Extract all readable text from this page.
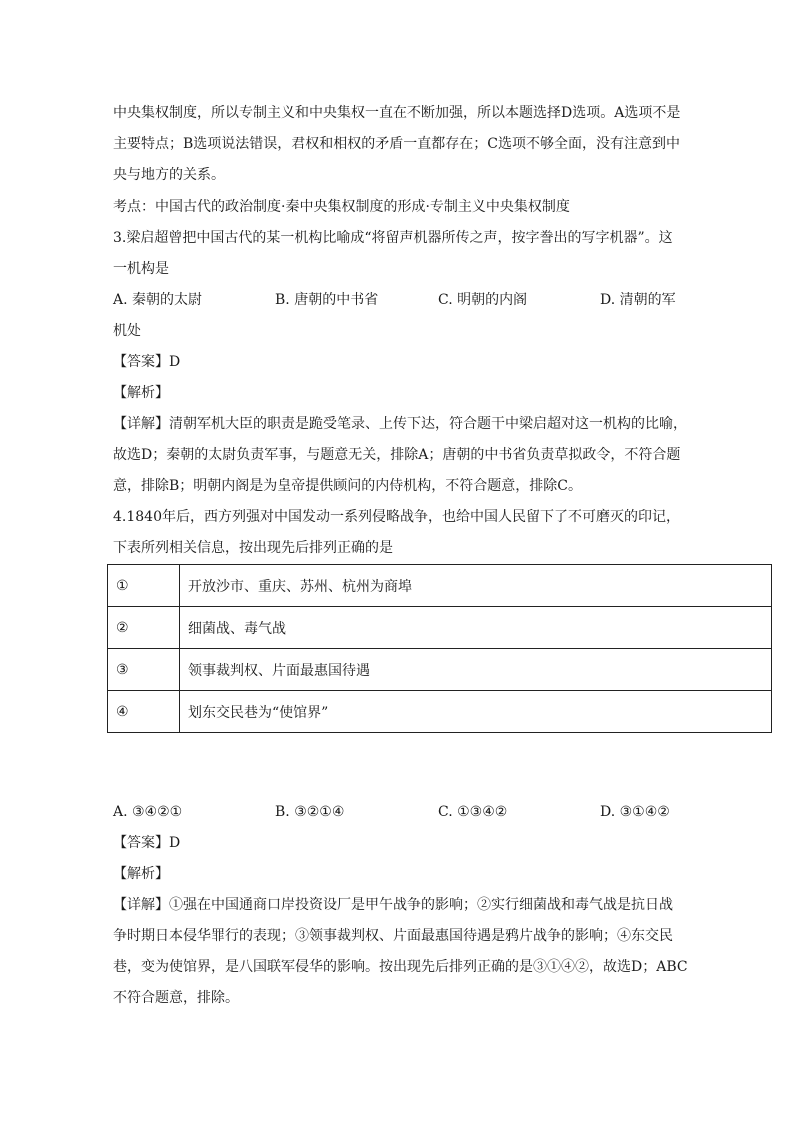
中央集权制度，所以专制主义和中央集权一直在不断加强，所以本题选择D选项。A选项不是
主要特点；B选项说法错误，君权和相权的矛盾一直都存在；C选项不够全面，没有注意到中
央与地方的关系。
考点：中国古代的政治制度·秦中央集权制度的形成·专制主义中央集权制度
3.梁启超曾把中国古代的某一机构比喻成“将留声机器所传之声，按字誊出的写字机器”。这
一机构是
A. 秦朝的太尉	B. 唐朝的中书省	C. 明朝的内阁	D. 清朝的军
机处
【答案】D
【解析】
【详解】清朝军机大臣的职责是跪受笔录、上传下达，符合题干中梁启超对这一机构的比喻，
故选D；秦朝的太尉负责军事，与题意无关，排除A；唐朝的中书省负责草拟政令，不符合题
意，排除B；明朝内阁是为皇帝提供顾问的内侍机构，不符合题意，排除C。
4.1840年后，西方列强对中国发动一系列侵略战争，也给中国人民留下了不可磨灭的印记，
下表所列相关信息，按出现先后排列正确的是
①	开放沙市、重庆、苏州、杭州为商埠
②	细菌战、毒气战
③	领事裁判权、片面最惠国待遇
④	划东交民巷为“使馆界”
A. ③④②①	B. ③②①④	C. ①③④②	D. ③①④②
【答案】D
【解析】
【详解】①强在中国通商口岸投资设厂是甲午战争的影响；②实行细菌战和毒气战是抗日战
争时期日本侵华罪行的表现；③领事裁判权、片面最惠国待遇是鸦片战争的影响；④东交民
巷，变为使馆界，是八国联军侵华的影响。按出现先后排列正确的是③①④②，故选D；ABC
不符合题意，排除。
